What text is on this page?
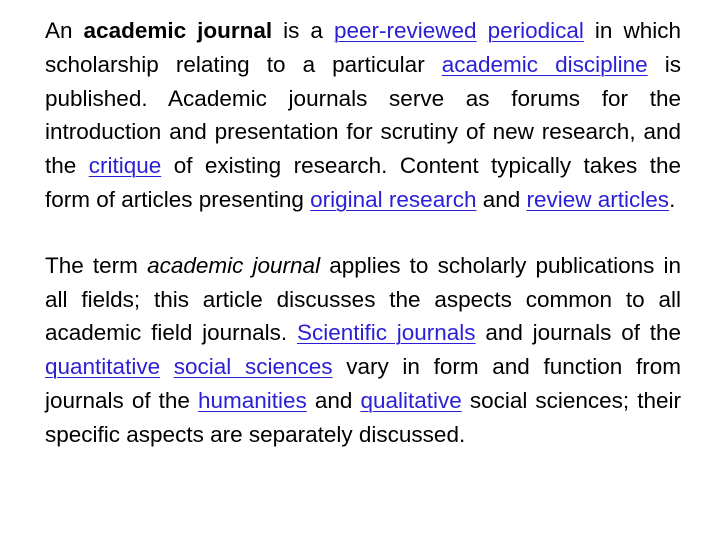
An academic journal is a peer-reviewed periodical in which scholarship relating to a particular academic discipline is published. Academic journals serve as forums for the introduction and presentation for scrutiny of new research, and the critique of existing research. Content typically takes the form of articles presenting original research and review articles.

The term academic journal applies to scholarly publications in all fields; this article discusses the aspects common to all academic field journals. Scientific journals and journals of the quantitative social sciences vary in form and function from journals of the humanities and qualitative social sciences; their specific aspects are separately discussed.
